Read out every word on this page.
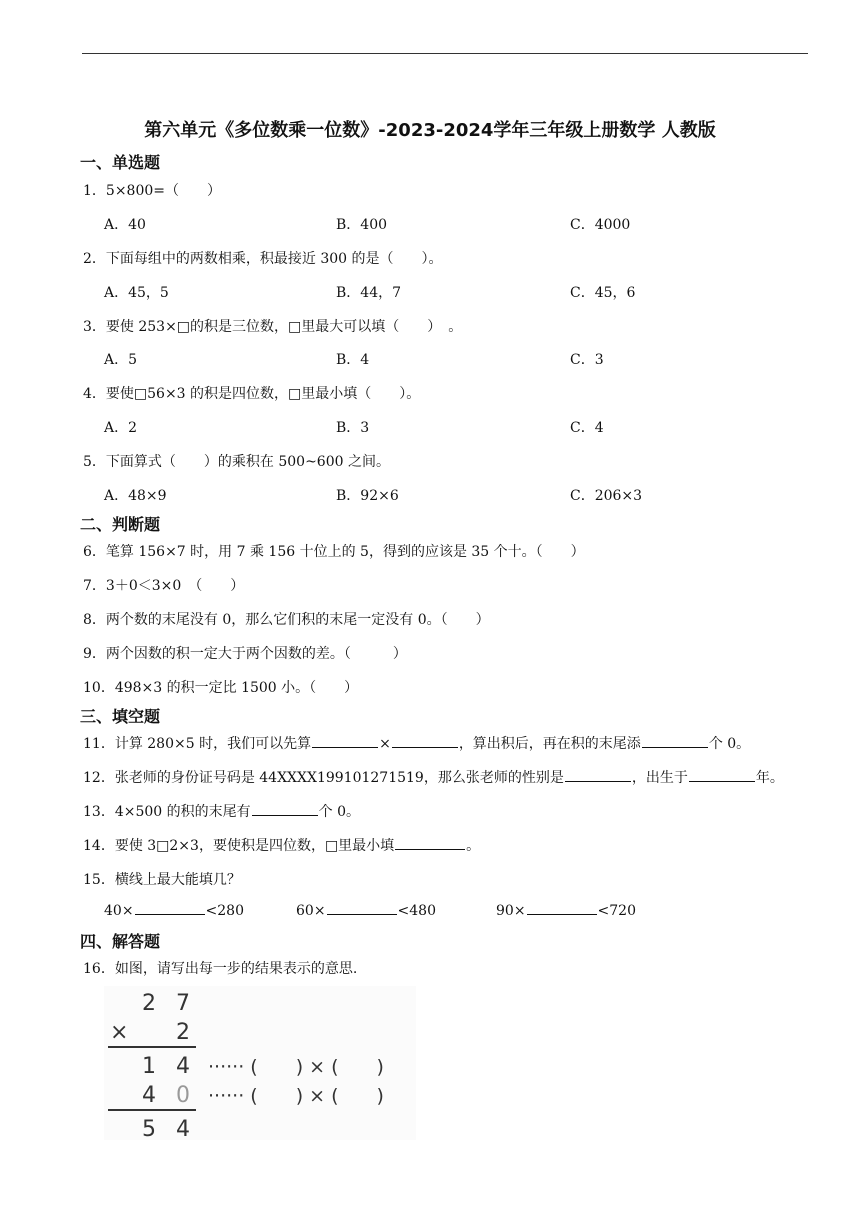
第六单元《多位数乘一位数》-2023-2024学年三年级上册数学 人教版
一、单选题
1．5×800=（　　）
A．40	B．400	C．4000
2．下面每组中的两数相乘，积最接近 300 的是（　　）。
A．45，5	B．44，7	C．45，6
3．要使 253×□的积是三位数，□里最大可以填（　　）　。
A．5	B．4	C．3
4．要使□56×3 的积是四位数，□里最小填（　　）。
A．2	B．3	C．4
5．下面算式（　　）的乘积在 500~600 之间。
A．48×9	B．92×6	C．206×3
二、判断题
6．笔算 156×7 时，用 7 乘 156 十位上的 5，得到的应该是 35 个十。（　　）
7．3＋0＜3×0　（　　）
8．两个数的末尾没有 0，那么它们积的末尾一定没有 0。（　　）
9．两个因数的积一定大于两个因数的差。（　　　）
10．498×3 的积一定比 1500 小。（　　）
三、填空题
11．计算 280×5 时，我们可以先算	×	，算出积后，再在积的末尾添	个 0。
12．张老师的身份证号码是 44XXXX199101271519，那么张老师的性别是	，出生于	年。
13．4×500 的积的末尾有	个 0。
14．要使 3□2×3，要使积是四位数，□里最小填	。
15．横线上最大能填几？
40×	<280	60×	<480	90×	<720
四、解答题
16．如图，请写出每一步的结果表示的意思.
2 7
× 2
1 4 ······ (　　) × (　　)
4 0 ······ (　　) × (　　)
5 4
